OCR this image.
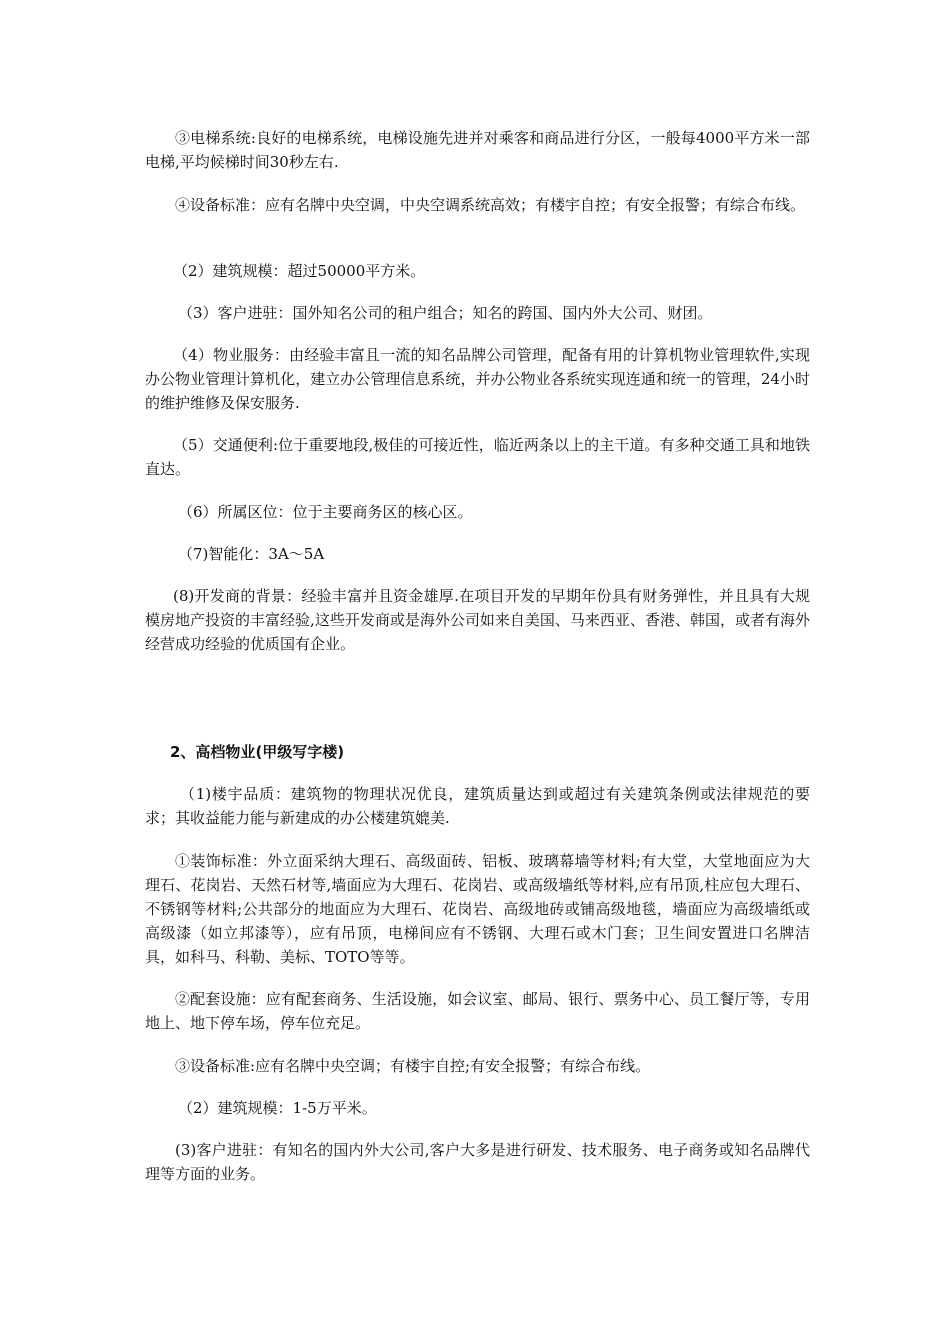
③电梯系统:良好的电梯系统，电梯设施先进并对乘客和商品进行分区，一般每4000平方米一部电梯,平均候梯时间30秒左右.

④设备标准：应有名牌中央空调，中央空调系统高效；有楼宇自控；有安全报警；有综合布线。

（2）建筑规模：超过50000平方米。

（3）客户进驻：国外知名公司的租户组合；知名的跨国、国内外大公司、财团。

（4）物业服务：由经验丰富且一流的知名品牌公司管理，配备有用的计算机物业管理软件,实现办公物业管理计算机化，建立办公管理信息系统，并办公物业各系统实现连通和统一的管理，24小时的维护维修及保安服务.

（5）交通便利:位于重要地段,极佳的可接近性，临近两条以上的主干道。有多种交通工具和地铁直达。

（6）所属区位：位于主要商务区的核心区。

（7)智能化：3A～5A

(8)开发商的背景：经验丰富并且资金雄厚.在项目开发的早期年份具有财务弹性，并且具有大规模房地产投资的丰富经验,这些开发商或是海外公司如来自美国、马来西亚、香港、韩国，或者有海外经营成功经验的优质国有企业。

2、高档物业(甲级写字楼)

（1)楼宇品质：建筑物的物理状况优良，建筑质量达到或超过有关建筑条例或法律规范的要求；其收益能力能与新建成的办公楼建筑媲美.

①装饰标准：外立面采纳大理石、高级面砖、铝板、玻璃幕墙等材料;有大堂，大堂地面应为大理石、花岗岩、天然石材等,墙面应为大理石、花岗岩、或高级墙纸等材料,应有吊顶,柱应包大理石、不锈钢等材料;公共部分的地面应为大理石、花岗岩、高级地砖或铺高级地毯，墙面应为高级墙纸或高级漆（如立邦漆等），应有吊顶，电梯间应有不锈钢、大理石或木门套；卫生间安置进口名牌洁具，如科马、科勒、美标、TOTO等等。

②配套设施：应有配套商务、生活设施，如会议室、邮局、银行、票务中心、员工餐厅等，专用地上、地下停车场，停车位充足。

③设备标准:应有名牌中央空调；有楼宇自控;有安全报警；有综合布线。

（2）建筑规模：1-5万平米。

(3)客户进驻：有知名的国内外大公司,客户大多是进行研发、技术服务、电子商务或知名品牌代理等方面的业务。
